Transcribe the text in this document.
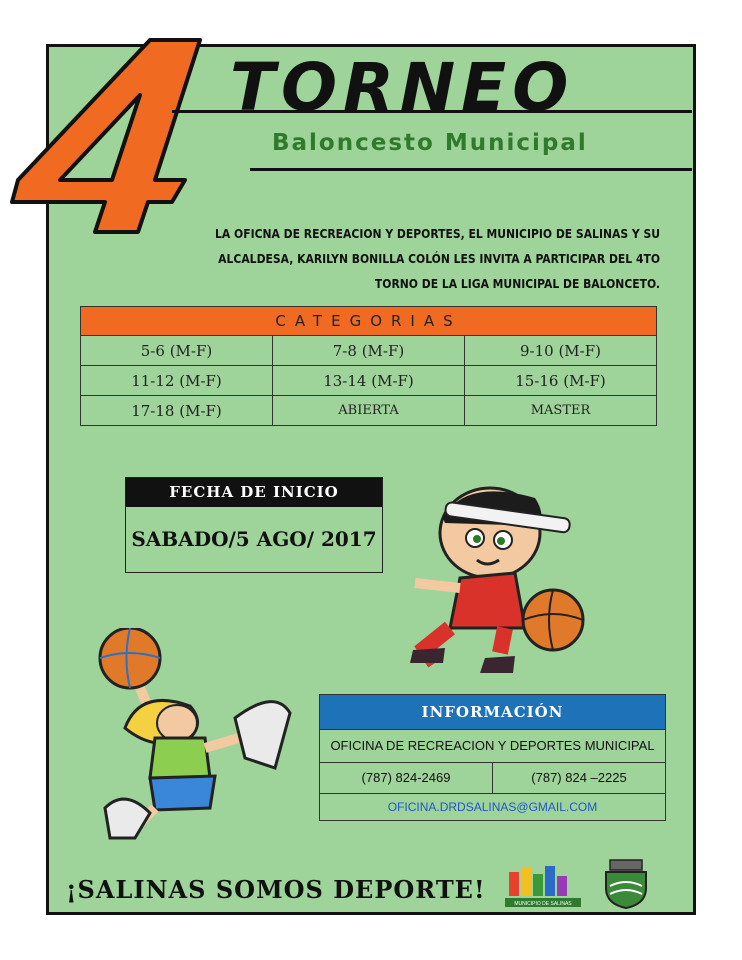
TORNEO
Baloncesto Municipal
LA OFICNA DE RECREACION Y DEPORTES, EL MUNICIPIO DE SALINAS Y SU
ALCALDESA, KARILYN BONILLA COLÓN LES INVITA A PARTICIPAR DEL 4TO
TORNO DE LA LIGA MUNICIPAL DE BALONCETO.
CATEGORIAS		
5-6 (M-F)	7-8 (M-F)	9-10 (M-F)
11-12 (M-F)	13-14 (M-F)	15-16 (M-F)
17-18 (M-F)	ABIERTA	MASTER
FECHA DE INICIO
SABADO/5 AGO/ 2017
INFORMACIÓN
OFICINA DE RECREACION Y DEPORTES MUNICIPAL
(787) 824-2469	(787) 824 –2225
OFICINA.DRDSALINAS@GMAIL.COM
¡SALINAS SOMOS DEPORTE!	MUNICIPIO DE SALINAS
